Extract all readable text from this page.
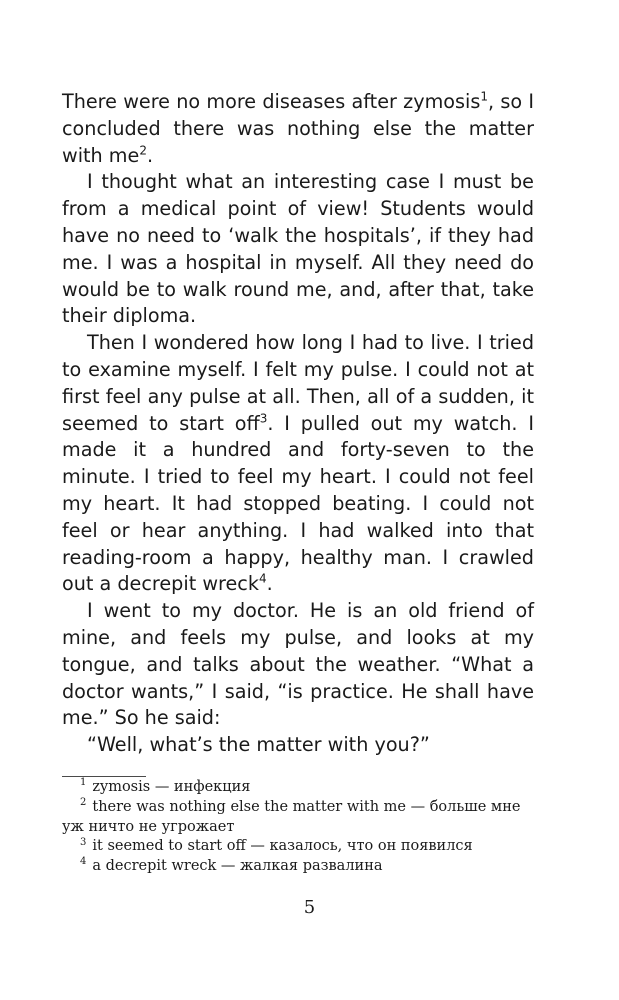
There were no more diseases after zymosis$^1$, so I concluded there was nothing else the matter with me$^2$.

I thought what an interesting case I must be from a medical point of view! Students would have no need to ‘walk the hospitals’, if they had me. I was a hospital in myself. All they need do would be to walk round me, and, after that, take their diploma.

Then I wondered how long I had to live. I tried to examine myself. I felt my pulse. I could not at first feel any pulse at all. Then, all of a sudden, it seemed to start off$^3$. I pulled out my watch. I made it a hundred and forty-seven to the minute. I tried to feel my heart. I could not feel my heart. It had stopped beating. I could not feel or hear anything. I had walked into that reading-room a happy, healthy man. I crawled out a decrepit wreck$^4$.

I went to my doctor. He is an old friend of mine, and feels my pulse, and looks at my tongue, and talks about the weather. “What a doctor wants,” I said, “is practice. He shall have me.” So he said:

“Well, what’s the matter with you?”

$^1$ zymosis — инфекция

$^2$ there was nothing else the matter with me — больше мне уж ничто не угрожает

$^3$ it seemed to start off — казалось, что он появился

$^4$ a decrepit wreck — жалкая развалина

5
